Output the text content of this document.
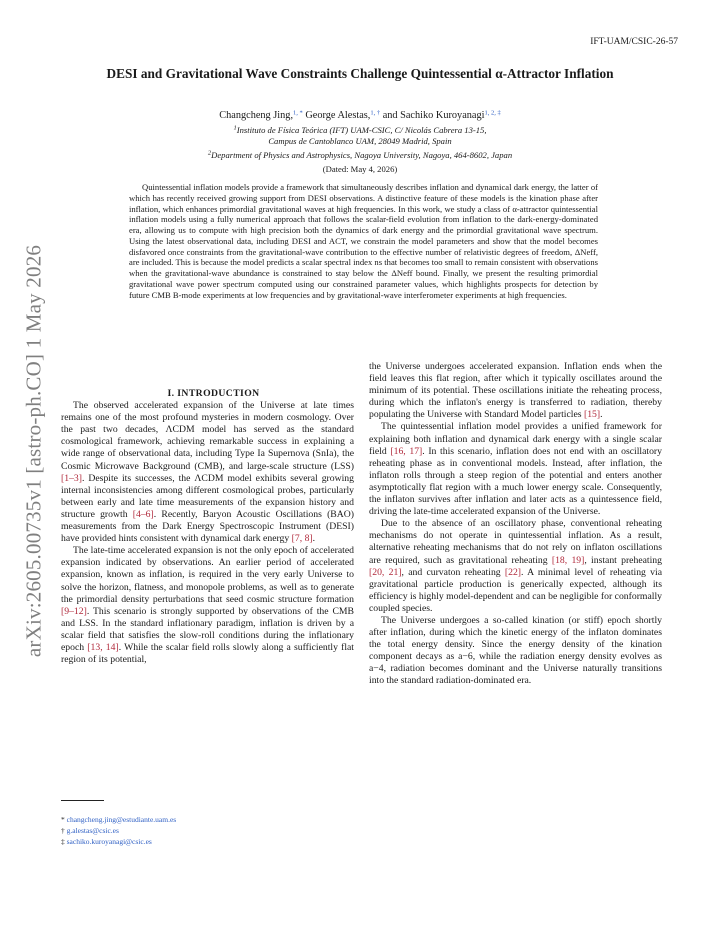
arXiv:2605.00735v1 [astro-ph.CO] 1 May 2026
IFT-UAM/CSIC-26-57
DESI and Gravitational Wave Constraints Challenge Quintessential α-Attractor Inflation
Changcheng Jing,$^{1, *}$ George Alestas,$^{1, \dagger}$ and Sachiko Kuroyanagi$^{1, 2, \ddagger}$
$^1$Instituto de Física Teórica (IFT) UAM-CSIC, C/ Nicolás Cabrera 13-15,
Campus de Cantoblanco UAM, 28049 Madrid, Spain
$^2$Department of Physics and Astrophysics, Nagoya University, Nagoya, 464-8602, Japan
(Dated: May 4, 2026)

Quintessential inflation models provide a framework that simultaneously describes inflation and dynamical dark energy, the latter of which has recently received growing support from DESI observations. A distinctive feature of these models is the kination phase after inflation, which enhances primordial gravitational waves at high frequencies. In this work, we study a class of α-attractor quintessential inflation models using a fully numerical approach that follows the scalar-field evolution from inflation to the dark-energy-dominated era, allowing us to compute with high precision both the dynamics of dark energy and the primordial gravitational wave spectrum. Using the latest observational data, including DESI and ACT, we constrain the model parameters and show that the model becomes disfavored once constraints from the gravitational-wave contribution to the effective number of relativistic degrees of freedom, ΔNeff, are included. This is because the model predicts a scalar spectral index ns that becomes too small to remain consistent with observations when the gravitational-wave abundance is constrained to stay below the ΔNeff bound. Finally, we present the resulting primordial gravitational wave power spectrum computed using our constrained parameter values, which highlights prospects for detection by future CMB B-mode experiments at low frequencies and by gravitational-wave interferometer experiments at high frequencies.

I. INTRODUCTION

The observed accelerated expansion of the Universe at late times remains one of the most profound mysteries in modern cosmology. Over the past two decades, ΛCDM model has served as the standard cosmological framework, achieving remarkable success in explaining a wide range of observational data, including Type Ia Supernova (SnIa), the Cosmic Microwave Background (CMB), and large-scale structure (LSS) [1–3]. Despite its successes, the ΛCDM model exhibits several growing internal inconsistencies among different cosmological probes, particularly between early and late time measurements of the expansion history and structure growth [4–6]. Recently, Baryon Acoustic Oscillations (BAO) measurements from the Dark Energy Spectroscopic Instrument (DESI) have provided hints consistent with dynamical dark energy [7, 8].

The late-time accelerated expansion is not the only epoch of accelerated expansion indicated by observations. An earlier period of accelerated expansion, known as inflation, is required in the very early Universe to solve the horizon, flatness, and monopole problems, as well as to generate the primordial density perturbations that seed cosmic structure formation [9–12]. This scenario is strongly supported by observations of the CMB and LSS. In the standard inflationary paradigm, inflation is driven by a scalar field that satisfies the slow-roll conditions during the inflationary epoch [13, 14]. While the scalar field rolls slowly along a sufficiently flat region of its potential,

the Universe undergoes accelerated expansion. Inflation ends when the field leaves this flat region, after which it typically oscillates around the minimum of its potential. These oscillations initiate the reheating process, during which the inflaton's energy is transferred to radiation, thereby populating the Universe with Standard Model particles [15].

The quintessential inflation model provides a unified framework for explaining both inflation and dynamical dark energy with a single scalar field [16, 17]. In this scenario, inflation does not end with an oscillatory reheating phase as in conventional models. Instead, after inflation, the inflaton rolls through a steep region of the potential and enters another asymptotically flat region with a much lower energy scale. Consequently, the inflaton survives after inflation and later acts as a quintessence field, driving the late-time accelerated expansion of the Universe.

Due to the absence of an oscillatory phase, conventional reheating mechanisms do not operate in quintessential inflation. As a result, alternative reheating mechanisms that do not rely on inflaton oscillations are required, such as gravitational reheating [18, 19], instant preheating [20, 21], and curvaton reheating [22]. A minimal level of reheating via gravitational particle production is generically expected, although its efficiency is highly model-dependent and can be negligible for conformally coupled species.

The Universe undergoes a so-called kination (or stiff) epoch shortly after inflation, during which the kinetic energy of the inflaton dominates the total energy density. Since the energy density of the kination component decays as a−6, while the radiation energy density evolves as a−4, radiation becomes dominant and the Universe naturally transitions into the standard radiation-dominated era.

* changcheng.jing@estudiante.uam.es
† g.alestas@csic.es
‡ sachiko.kuroyanagi@csic.es
